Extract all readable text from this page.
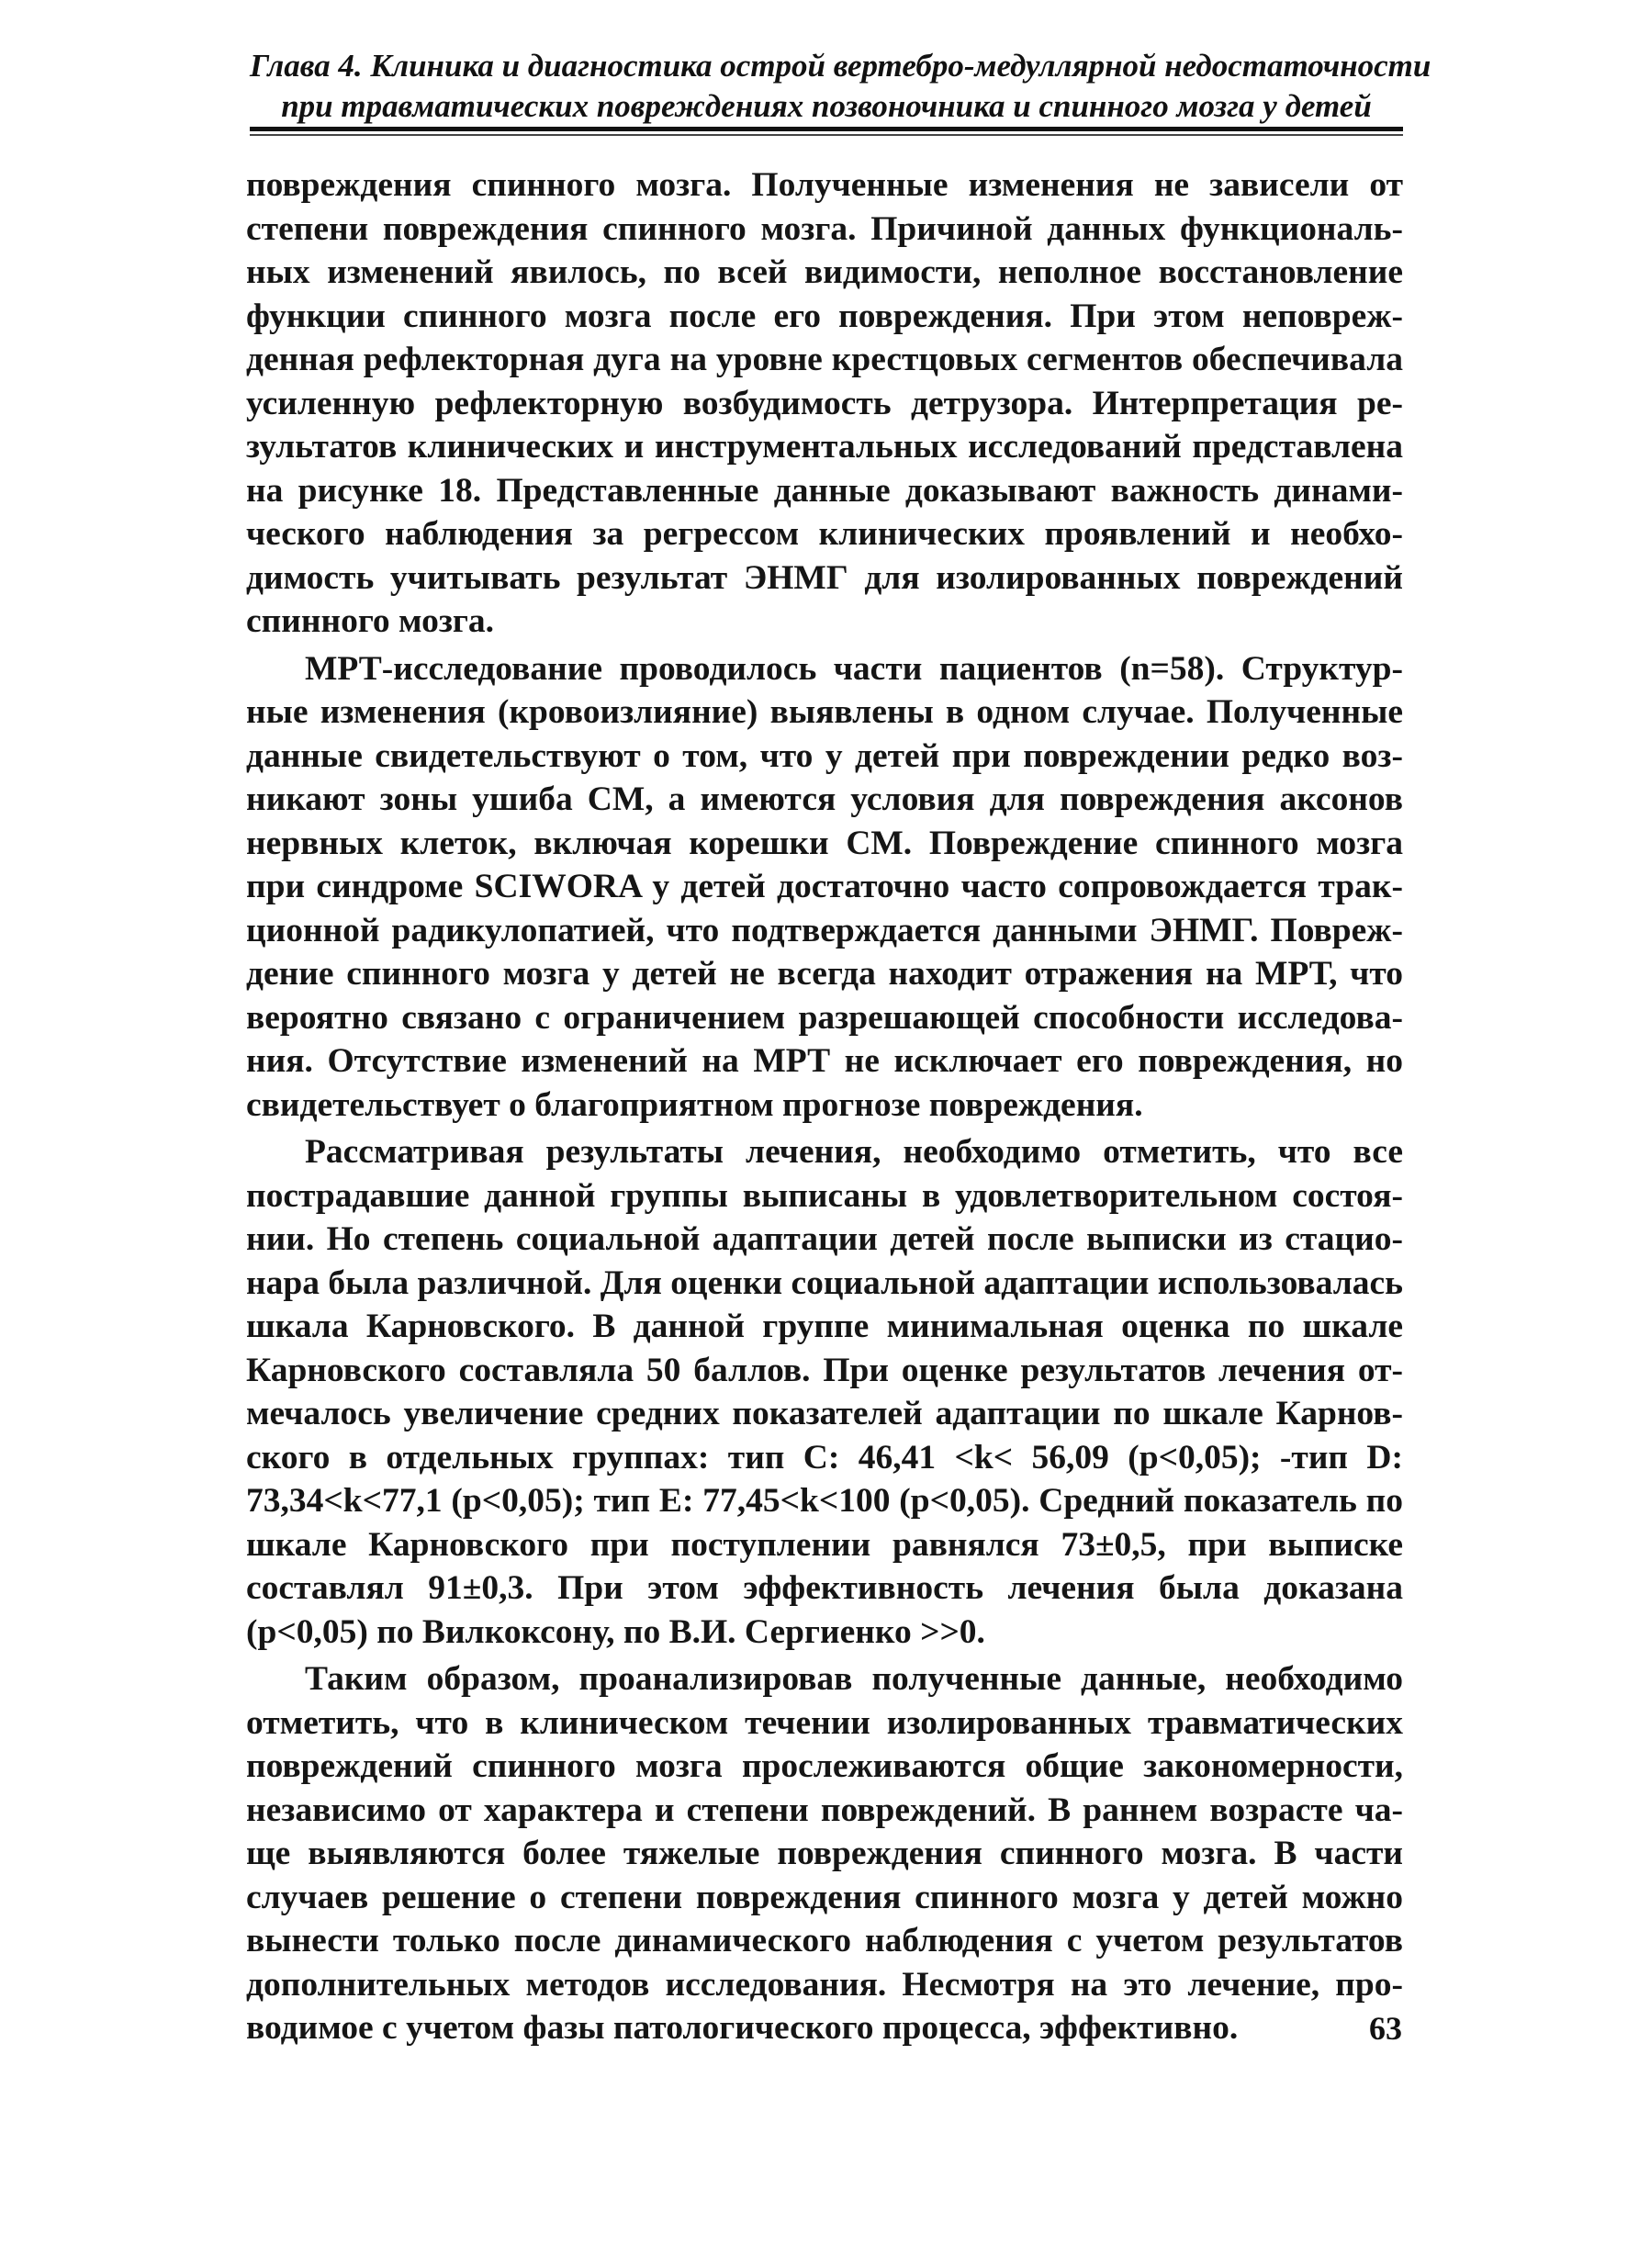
Глава 4. Клиника и диагностика острой вертебро-медуллярной недостаточности
при травматических повреждениях позвоночника и спинного мозга у детей

повреждения спинного мозга. Полученные изменения не зависели от степени повреждения спинного мозга. Причиной данных функциональных изменений явилось, по всей видимости, неполное восстановление функции спинного мозга после его повреждения. При этом неповрежденная рефлекторная дуга на уровне крестцовых сегментов обеспечивала усиленную рефлекторную возбудимость детрузора. Интерпретация результатов клинических и инструментальных исследований представлена на рисунке 18. Представленные данные доказывают важность динамического наблюдения за регрессом клинических проявлений и необходимость учитывать результат ЭНМГ для изолированных повреждений спинного мозга.

МРТ-исследование проводилось части пациентов (n=58). Структурные изменения (кровоизлияние) выявлены в одном случае. Полученные данные свидетельствуют о том, что у детей при повреждении редко возникают зоны ушиба СМ, а имеются условия для повреждения аксонов нервных клеток, включая корешки СМ. Повреждение спинного мозга при синдроме SCIWORA у детей достаточно часто сопровождается тракционной радикулопатией, что подтверждается данными ЭНМГ. Повреждение спинного мозга у детей не всегда находит отражения на МРТ, что вероятно связано с ограничением разрешающей способности исследования. Отсутствие изменений на МРТ не исключает его повреждения, но свидетельствует о благоприятном прогнозе повреждения.

Рассматривая результаты лечения, необходимо отметить, что все пострадавшие данной группы выписаны в удовлетворительном состоянии. Но степень социальной адаптации детей после выписки из стационара была различной. Для оценки социальной адаптации использовалась шкала Карновского. В данной группе минимальная оценка по шкале Карновского составляла 50 баллов. При оценке результатов лечения отмечалось увеличение средних показателей адаптации по шкале Карновского в отдельных группах: тип С: 46,41 <k< 56,09 (p<0,05); -тип D: 73,34<k<77,1 (p<0,05); тип Е: 77,45<k<100 (p<0,05). Средний показатель по шкале Карновского при поступлении равнялся 73±0,5, при выписке составлял 91±0,3. При этом эффективность лечения была доказана (p<0,05) по Вилкоксону, по В.И. Сергиенко >>0.

Таким образом, проанализировав полученные данные, необходимо отметить, что в клиническом течении изолированных травматических повреждений спинного мозга прослеживаются общие закономерности, независимо от характера и степени повреждений. В раннем возрасте чаще выявляются более тяжелые повреждения спинного мозга. В части случаев решение о степени повреждения спинного мозга у детей можно вынести только после динамического наблюдения с учетом результатов дополнительных методов исследования. Несмотря на это лечение, проводимое с учетом фазы патологического процесса, эффективно.	63
